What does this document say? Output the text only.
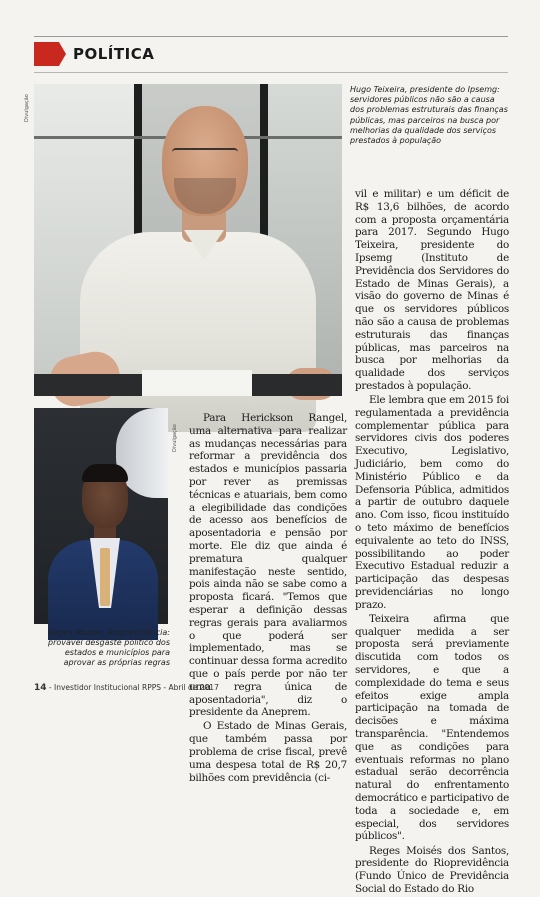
POLÍTICA
Divulgação
Hugo Teixeira, presidente do Ipsemg: servidores públicos não são a causa dos problemas estruturais das finanças públicas, mas parceiros na busca por melhorias da qualidade dos serviços prestados à população
Divulgação
Reges Moises, Rioprevidência: provável desgaste político dos estados e municípios para aprovar as próprias regras

Para Herickson Rangel, uma alternativa para realizar as mudanças necessárias para reformar a previdência dos estados e municípios passaria por rever as premissas técnicas e atuariais, bem como a elegibilidade das condições de acesso aos benefícios de aposentadoria e pensão por morte. Ele diz que ainda é prematura qualquer manifestação neste sentido, pois ainda não se sabe como a proposta ficará. "Temos que esperar a definição dessas regras gerais para avaliarmos o que poderá ser implementado, mas se continuar dessa forma acredito que o país perde por não ter uma regra única de aposentadoria", diz o presidente da Aneprem.

O Estado de Minas Gerais, que também passa por problema de crise fiscal, prevê uma despesa total de R$ 20,7 bilhões com previdência (ci-

vil e militar) e um déficit de R$ 13,6 bilhões, de acordo com a proposta orçamentária para 2017. Segundo Hugo Teixeira, presidente do Ipsemg (Instituto de Previdência dos Servidores do Estado de Minas Gerais), a visão do governo de Minas é que os servidores públicos não são a causa de problemas estruturais das finanças públicas, mas parceiros na busca por melhorias da qualidade dos serviços prestados à população.

Ele lembra que em 2015 foi regulamentada a previdência complementar pública para servidores civis dos poderes Executivo, Legislativo, Judiciário, bem como do Ministério Público e da Defensoria Pública, admitidos a partir de outubro daquele ano. Com isso, ficou instituído o teto máximo de benefícios equivalente ao teto do INSS, possibilitando ao poder Executivo Estadual reduzir a participação das despesas previdenciárias no longo prazo.

Teixeira afirma que qualquer medida a ser proposta será previamente discutida com todos os servidores, e que a complexidade do tema e seus efeitos exige ampla participação na tomada de decisões e máxima transparência. "Entendemos que as condições para eventuais reformas no plano estadual serão decorrência natural do enfrentamento democrático e participativo de toda a sociedade e, em especial, dos servidores públicos".

Reges Moisés dos Santos, presidente do Rioprevidência (Fundo Único de Previdência Social do Estado do Rio

14 - Investidor Institucional RPPS - Abril de 2017
